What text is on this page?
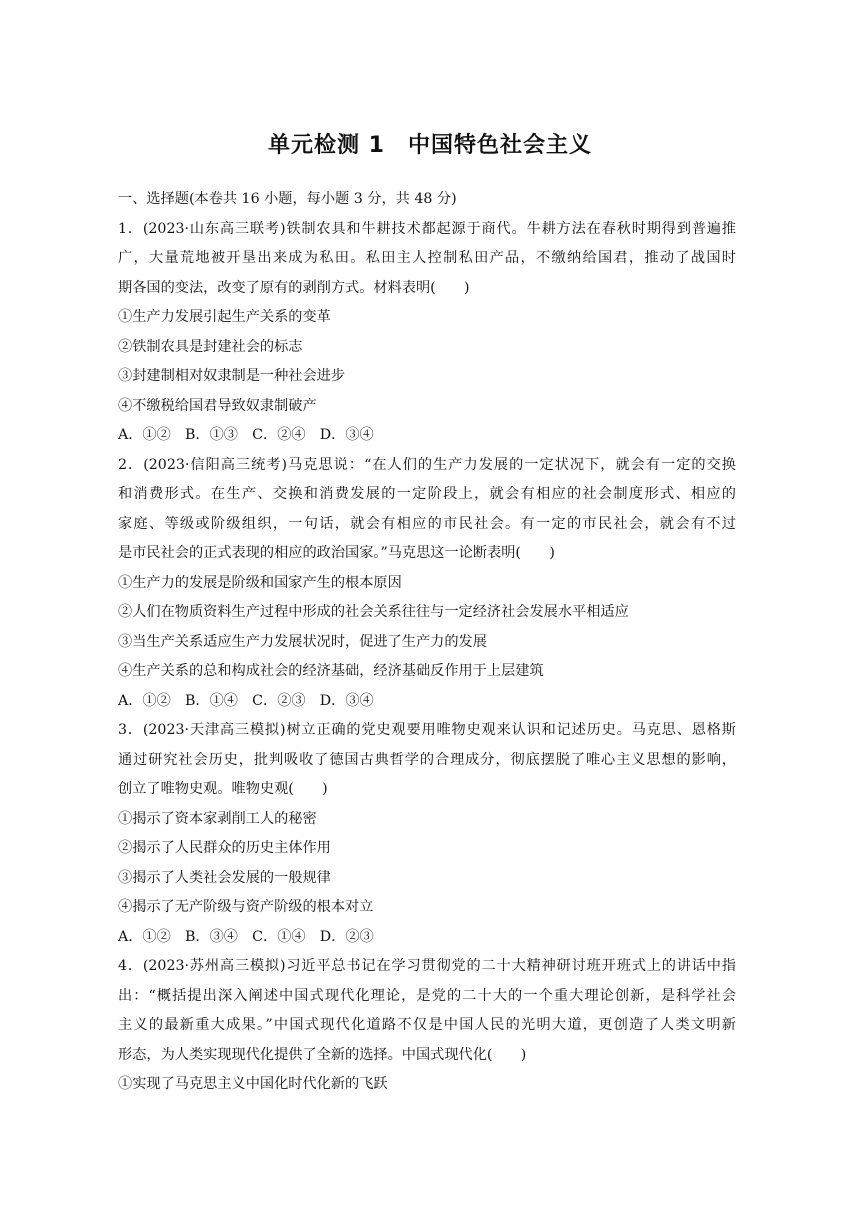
单元检测 1　中国特色社会主义
一、选择题(本卷共 16 小题，每小题 3 分，共 48 分)
1．(2023·山东高三联考)铁制农具和牛耕技术都起源于商代。牛耕方法在春秋时期得到普遍推
广，大量荒地被开垦出来成为私田。私田主人控制私田产品，不缴纳给国君，推动了战国时
期各国的变法，改变了原有的剥削方式。材料表明(　　)
①生产力发展引起生产关系的变革
②铁制农具是封建社会的标志
③封建制相对奴隶制是一种社会进步
④不缴税给国君导致奴隶制破产
A．①②　B．①③　C．②④　D．③④
2．(2023·信阳高三统考)马克思说：“在人们的生产力发展的一定状况下，就会有一定的交换
和消费形式。在生产、交换和消费发展的一定阶段上，就会有相应的社会制度形式、相应的
家庭、等级或阶级组织，一句话，就会有相应的市民社会。有一定的市民社会，就会有不过
是市民社会的正式表现的相应的政治国家。”马克思这一论断表明(　　)
①生产力的发展是阶级和国家产生的根本原因
②人们在物质资料生产过程中形成的社会关系往往与一定经济社会发展水平相适应
③当生产关系适应生产力发展状况时，促进了生产力的发展
④生产关系的总和构成社会的经济基础，经济基础反作用于上层建筑
A．①②　B．①④　C．②③　D．③④
3．(2023·天津高三模拟)树立正确的党史观要用唯物史观来认识和记述历史。马克思、恩格斯
通过研究社会历史，批判吸收了德国古典哲学的合理成分，彻底摆脱了唯心主义思想的影响，
创立了唯物史观。唯物史观(　　)
①揭示了资本家剥削工人的秘密
②揭示了人民群众的历史主体作用
③揭示了人类社会发展的一般规律
④揭示了无产阶级与资产阶级的根本对立
A．①②　B．③④　C．①④　D．②③
4．(2023·苏州高三模拟)习近平总书记在学习贯彻党的二十大精神研讨班开班式上的讲话中指
出：“概括提出深入阐述中国式现代化理论，是党的二十大的一个重大理论创新，是科学社会
主义的最新重大成果。”中国式现代化道路不仅是中国人民的光明大道，更创造了人类文明新
形态，为人类实现现代化提供了全新的选择。中国式现代化(　　)
①实现了马克思主义中国化时代化新的飞跃
